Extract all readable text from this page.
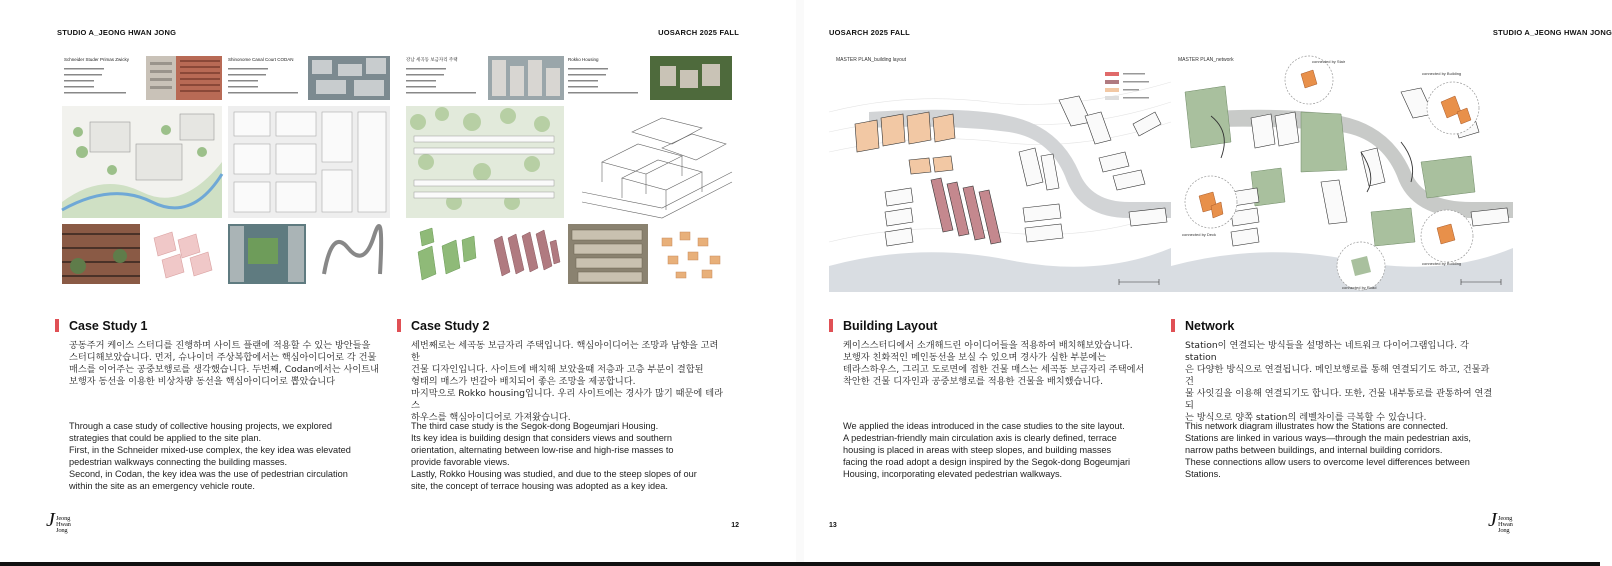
STUDIO A_JEONG HWAN JONG	UOSARCH 2025 FALL
Schneider Studer Primas Zwicky	Shinonome Canal Court CODAN	강남 세곡동 보금자리 주택	Rokko Housing
Case Study 1
공동주거 케이스 스터디를 진행하며 사이트 플랜에 적용할 수 있는 방안들을
스터디해보았습니다. 먼저, 슈나이더 주상복합에서는 핵심아이디어로 각 건물
매스를 이어주는 공중보행로를 생각했습니다. 두번째, Codan에서는 사이트내
보행자 동선을 이용한 비상차량 동선을 핵심아이디어로 뽑았습니다
Through a case study of collective housing projects, we explored
strategies that could be applied to the site plan.
First, in the Schneider mixed-use complex, the key idea was elevated
pedestrian walkways connecting the building masses.
Second, in Codan, the key idea was the use of pedestrian circulation
within the site as an emergency vehicle route.
Case Study 2
세번째로는 세곡동 보금자리 주택입니다. 핵심아이디어는 조망과 남향을 고려한
건물 디자인입니다. 사이트에 배치해 보았을때 저층과 고층 부분이 결합된
형태의 매스가 번갈아 배치되어 좋은 조망을 제공합니다.
마지막으로 Rokko housing입니다. 우리 사이트에는 경사가 많기 때문에 테라스
하우스를 핵심아이디어로 가져왔습니다.
The third case study is the Segok-dong Bogeumjari Housing.
Its key idea is building design that considers views and southern
orientation, alternating between low-rise and high-rise masses to
provide favorable views.
Lastly, Rokko Housing was studied, and due to the steep slopes of our
site, the concept of terrace housing was adopted as a key idea.
J Jeong
Hwan
Jong
12
UOSARCH 2025 FALL	STUDIO A_JEONG HWAN JONG
MASTER PLAN_building layout	MASTER PLAN_network	connected by Stair
connected by Building
connected by Deck
connected by Building
connected by Road
Building Layout
케이스스터디에서 소개해드린 아이디어들을 적용하여 배치해보았습니다.
보행자 친화적인 메인동선을 보실 수 있으며 경사가 심한 부분에는
테라스하우스, 그리고 도로면에 접한 건물 매스는 세곡동 보금자리 주택에서
착안한 건물 디자인과 공중보행로를 적용한 건물을 배치했습니다.
We applied the ideas introduced in the case studies to the site layout.
A pedestrian-friendly main circulation axis is clearly defined, terrace
housing is placed in areas with steep slopes, and building masses
facing the road adopt a design inspired by the Segok-dong Bogeumjari
Housing, incorporating elevated pedestrian walkways.
Network
Station이 연결되는 방식들을 설명하는 네트워크 다이어그램입니다. 각 station
은 다양한 방식으로 연결됩니다. 메인보행로를 통해 연결되기도 하고, 건물과 건
물 사잇길을 이용해 연결되기도 합니다. 또한, 건물 내부통로를 관통하여 연결되
는 방식으로 양쪽 station의 레벨차이를 극복할 수 있습니다.
This network diagram illustrates how the Stations are connected.
Stations are linked in various ways—through the main pedestrian axis,
narrow paths between buildings, and internal building corridors.
These connections allow users to overcome level differences between
Stations.
13	J Jeong
Hwan
Jong
